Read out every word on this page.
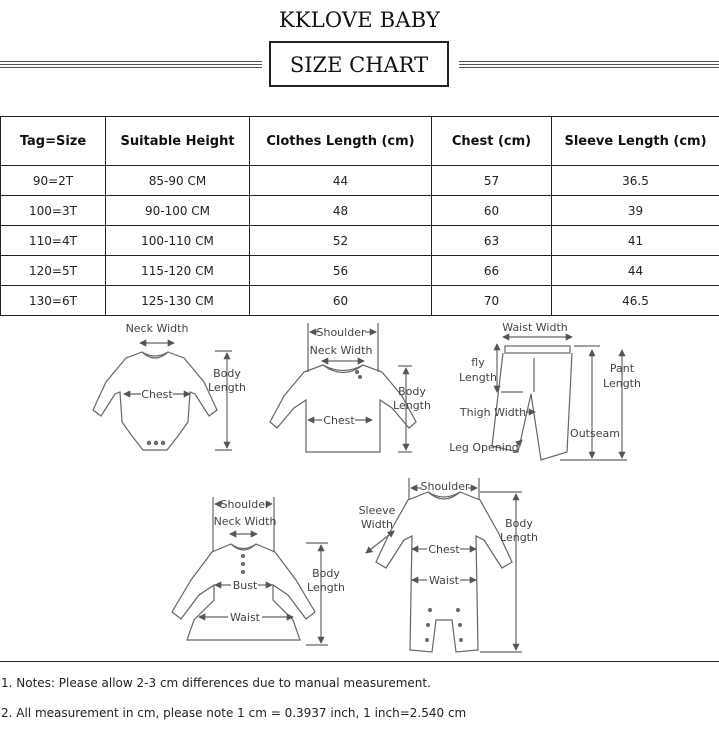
KKLOVE BABY
SIZE CHART
Tag=Size	Suitable Height	Clothes Length (cm)	Chest (cm)	Sleeve Length (cm)
90=2T	85-90 CM	44	57	36.5
100=3T	90-100 CM	48	60	39
110=4T	100-110 CM	52	63	41
120=5T	115-120 CM	56	66	44
130=6T	125-130 CM	60	70	46.5
Neck Width
Chest
Body
Length
Shoulder
Neck Width
Chest
Body
Length
Waist Width
fly
Length
Pant
Length
Thigh Width
Outseam
Leg Opening
Shoulder
Neck Width
Bust
Waist
Body
Length
Shoulder
Sleeve
Width
Chest
Waist
Body
Length
1. Notes: Please allow 2-3 cm differences due to manual measurement.
2. All measurement in cm, please note 1 cm = 0.3937 inch, 1 inch=2.540 cm
